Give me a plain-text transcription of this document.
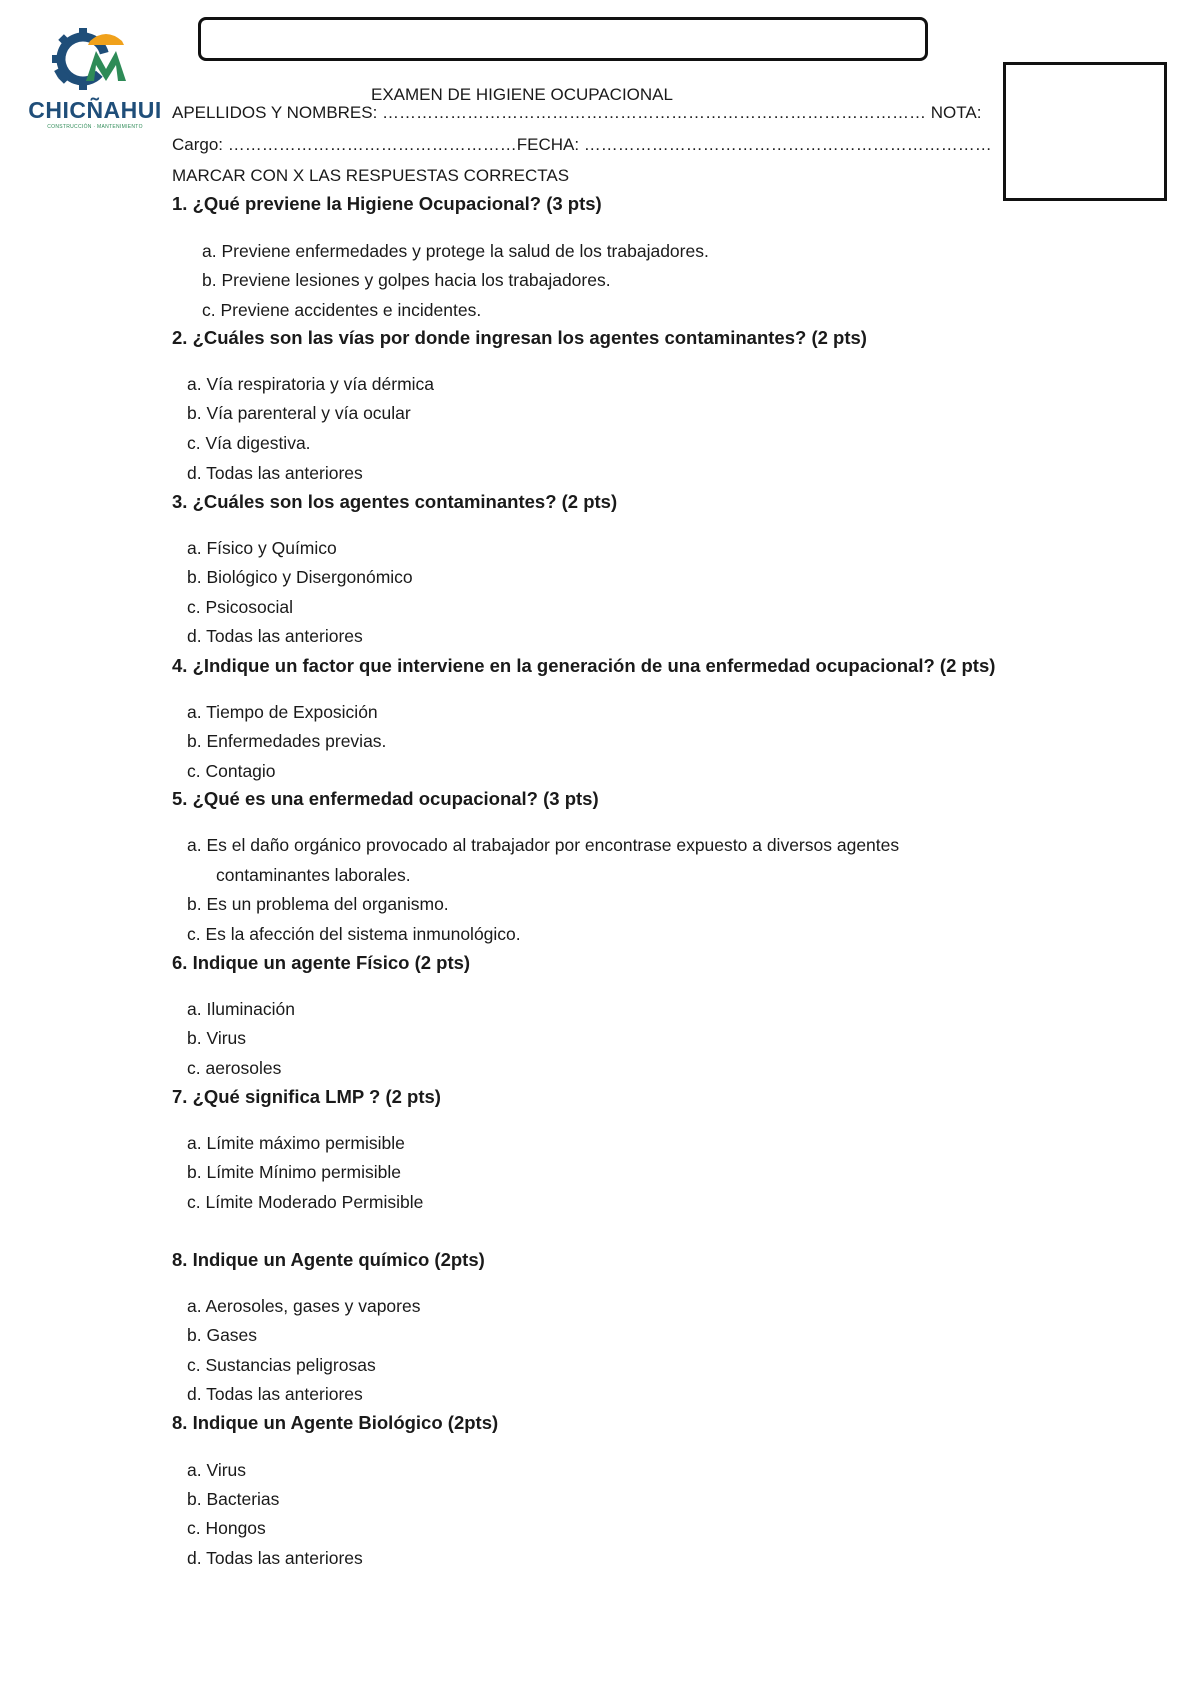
CHICÑAHUI
CONSTRUCCIÓN · MANTENIMIENTO
EXAMEN DE HIGIENE OCUPACIONAL
APELLIDOS Y NOMBRES: …………………………………………………………………………………… NOTA:
Cargo: ……………………………………………FECHA: ………………………………………………………………
MARCAR CON X LAS RESPUESTAS CORRECTAS
1. ¿Qué previene la Higiene Ocupacional? (3 pts)
a. Previene enfermedades y protege la salud de los trabajadores.
b. Previene lesiones y golpes hacia los trabajadores.
c. Previene accidentes e incidentes.
2. ¿Cuáles son las vías por donde ingresan los agentes contaminantes? (2 pts)
a. Vía respiratoria y vía dérmica
b. Vía parenteral y vía ocular
c. Vía digestiva.
d. Todas las anteriores
3. ¿Cuáles son los agentes contaminantes? (2 pts)
a. Físico y Químico
b. Biológico y Disergonómico
c. Psicosocial
d. Todas las anteriores
4. ¿Indique un factor que interviene en la generación de una enfermedad ocupacional? (2 pts)
a. Tiempo de Exposición
b. Enfermedades previas.
c. Contagio
5. ¿Qué es una enfermedad ocupacional? (3 pts)
a. Es el daño orgánico provocado al trabajador por encontrase expuesto a diversos agentes
contaminantes laborales.
b. Es un problema del organismo.
c. Es la afección del sistema inmunológico.
6. Indique un agente Físico (2 pts)
a. Iluminación
b. Virus
c. aerosoles
7. ¿Qué significa LMP ? (2 pts)
a. Límite máximo permisible
b. Límite Mínimo permisible
c. Límite Moderado Permisible
8. Indique un Agente químico (2pts)
a. Aerosoles, gases y vapores
b. Gases
c. Sustancias peligrosas
d. Todas las anteriores
8. Indique un Agente Biológico (2pts)
a. Virus
b. Bacterias
c. Hongos
d. Todas las anteriores
